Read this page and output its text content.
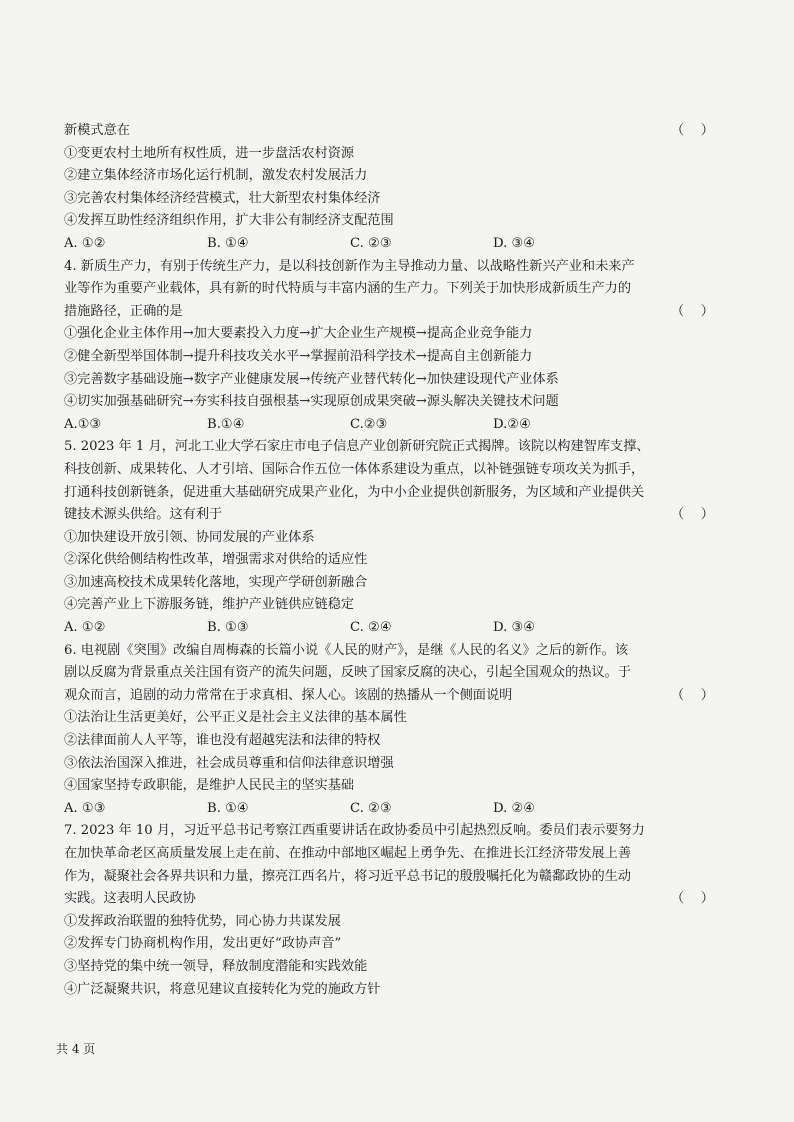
新模式意在	（    ）
①变更农村土地所有权性质，进一步盘活农村资源
②建立集体经济市场化运行机制，激发农村发展活力
③完善农村集体经济经营模式，壮大新型农村集体经济
④发挥互助性经济组织作用，扩大非公有制经济支配范围
A. ①②	B. ①④	C. ②③	D. ③④
4. 新质生产力，有别于传统生产力，是以科技创新作为主导推动力量、以战略性新兴产业和未来产
业等作为重要产业载体，具有新的时代特质与丰富内涵的生产力。下列关于加快形成新质生产力的
措施路径，正确的是	（    ）
①强化企业主体作用→加大要素投入力度→扩大企业生产规模→提高企业竞争能力
②健全新型举国体制→提升科技攻关水平→掌握前沿科学技术→提高自主创新能力
③完善数字基础设施→数字产业健康发展→传统产业替代转化→加快建设现代产业体系
④切实加强基础研究→夯实科技自强根基→实现原创成果突破→源头解决关键技术问题
A.①③	B.①④	C.②③	D.②④
5. 2023 年 1 月，河北工业大学石家庄市电子信息产业创新研究院正式揭牌。该院以构建智库支撑、
科技创新、成果转化、人才引培、国际合作五位一体体系建设为重点，以补链强链专项攻关为抓手，
打通科技创新链条，促进重大基础研究成果产业化，为中小企业提供创新服务，为区域和产业提供关
键技术源头供给。这有利于	（    ）
①加快建设开放引领、协同发展的产业体系
②深化供给侧结构性改革，增强需求对供给的适应性
③加速高校技术成果转化落地，实现产学研创新融合
④完善产业上下游服务链，维护产业链供应链稳定
A. ①②	B. ①③	C. ②④	D. ③④
6. 电视剧《突围》改编自周梅森的长篇小说《人民的财产》，是继《人民的名义》之后的新作。该
剧以反腐为背景重点关注国有资产的流失问题，反映了国家反腐的决心，引起全国观众的热议。于
观众而言，追剧的动力常常在于求真相、探人心。该剧的热播从一个侧面说明	（    ）
①法治让生活更美好，公平正义是社会主义法律的基本属性
②法律面前人人平等，谁也没有超越宪法和法律的特权
③依法治国深入推进，社会成员尊重和信仰法律意识增强
④国家坚持专政职能，是维护人民民主的坚实基础
A. ①③	B. ①④	C. ②③	D. ②④
7. 2023 年 10 月，习近平总书记考察江西重要讲话在政协委员中引起热烈反响。委员们表示要努力
在加快革命老区高质量发展上走在前、在推动中部地区崛起上勇争先、在推进长江经济带发展上善
作为，凝聚社会各界共识和力量，擦亮江西名片，将习近平总书记的殷殷嘱托化为赣鄱政协的生动
实践。这表明人民政协	（    ）
①发挥政治联盟的独特优势，同心协力共谋发展
②发挥专门协商机构作用，发出更好“政协声音”
③坚持党的集中统一领导，释放制度潜能和实践效能
④广泛凝聚共识，将意见建议直接转化为党的施政方针
共 4 页
